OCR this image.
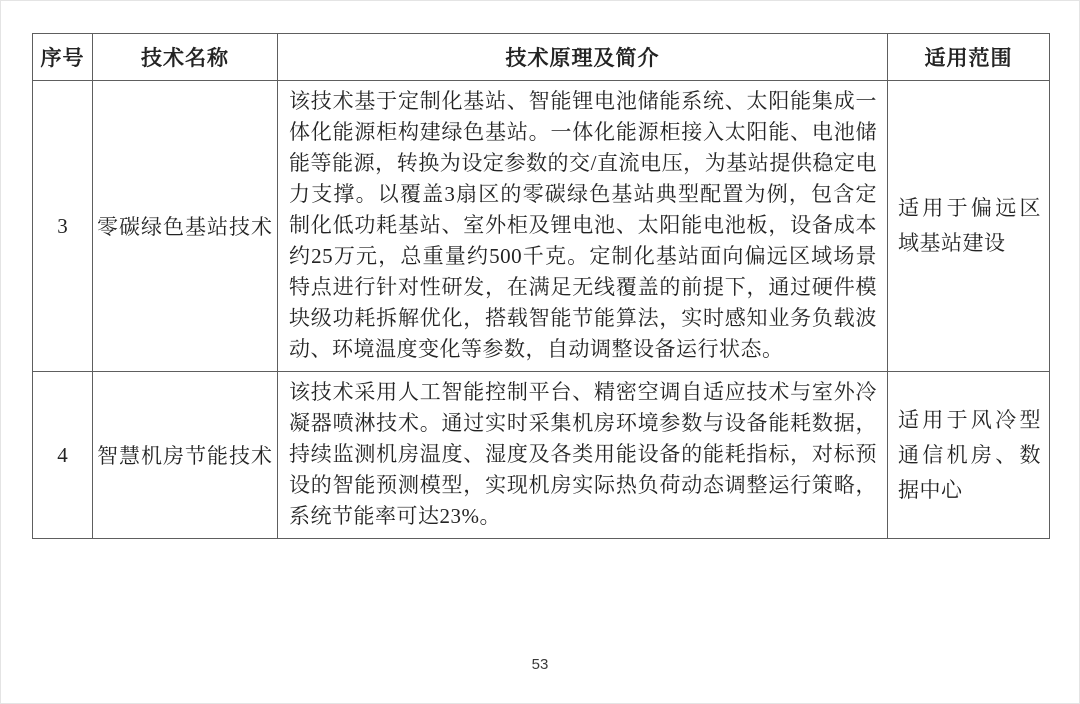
序号	技术名称	技术原理及简介	适用范围
3	零碳绿色基站技术	该技术基于定制化基站、智能锂电池储能系统、太阳能集成一体化能源柜构建绿色基站。一体化能源柜接入太阳能、电池储能等能源，转换为设定参数的交/直流电压，为基站提供稳定电力支撑。以覆盖3扇区的零碳绿色基站典型配置为例，包含定制化低功耗基站、室外柜及锂电池、太阳能电池板，设备成本约25万元，总重量约500千克。定制化基站面向偏远区域场景特点进行针对性研发，在满足无线覆盖的前提下，通过硬件模块级功耗拆解优化，搭载智能节能算法，实时感知业务负载波动、环境温度变化等参数，自动调整设备运行状态。	适用于偏远区域基站建设
4	智慧机房节能技术	该技术采用人工智能控制平台、精密空调自适应技术与室外冷凝器喷淋技术。通过实时采集机房环境参数与设备能耗数据，持续监测机房温度、湿度及各类用能设备的能耗指标，对标预设的智能预测模型，实现机房实际热负荷动态调整运行策略，系统节能率可达23%。	适用于风冷型通信机房、数据中心
53
